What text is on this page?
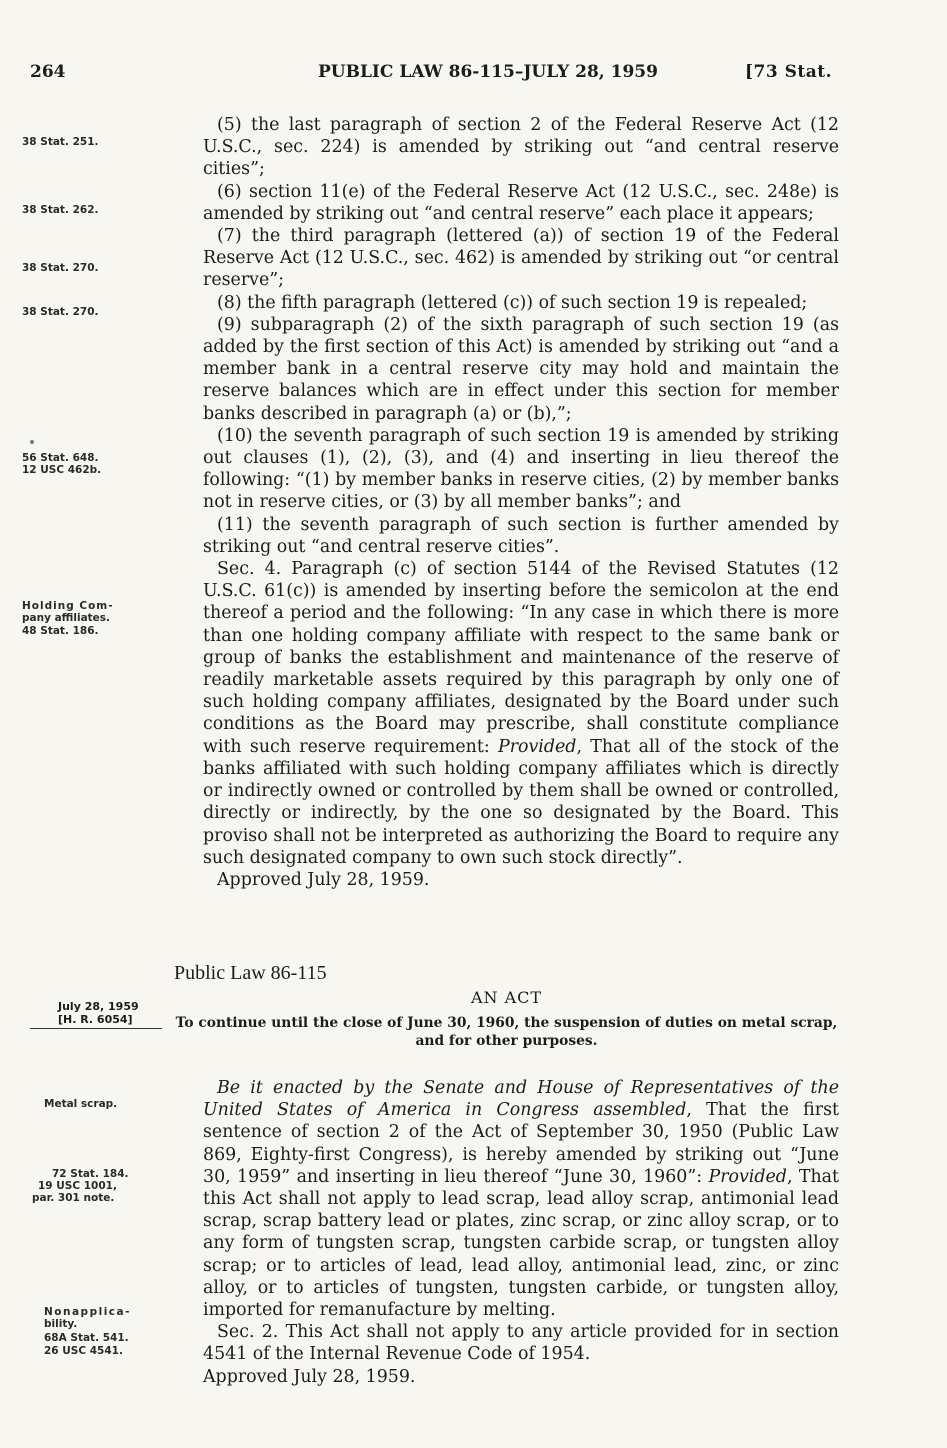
264	PUBLIC LAW 86-115–JULY 28, 1959	[73 Stat.
38 Stat. 251.
38 Stat. 262.
38 Stat. 270.
38 Stat. 270.
56 Stat. 648.
12 USC 462b.
Holding Com-
pany affiliates.
48 Stat. 186.

(5) the last paragraph of section 2 of the Federal Reserve Act (12 U.S.C., sec. 224) is amended by striking out “and central reserve cities”;

(6) section 11(e) of the Federal Reserve Act (12 U.S.C., sec. 248e) is amended by striking out “and central reserve” each place it appears;

(7) the third paragraph (lettered (a)) of section 19 of the Federal Reserve Act (12 U.S.C., sec. 462) is amended by striking out “or central reserve”;

(8) the fifth paragraph (lettered (c)) of such section 19 is repealed;

(9) subparagraph (2) of the sixth paragraph of such section 19 (as added by the first section of this Act) is amended by striking out “and a member bank in a central reserve city may hold and maintain the reserve balances which are in effect under this section for member banks described in paragraph (a) or (b),”;

(10) the seventh paragraph of such section 19 is amended by striking out clauses (1), (2), (3), and (4) and inserting in lieu thereof the following: “(1) by member banks in reserve cities, (2) by member banks not in reserve cities, or (3) by all member banks”; and

(11) the seventh paragraph of such section is further amended by striking out “and central reserve cities”.

Sec. 4. Paragraph (c) of section 5144 of the Revised Statutes (12 U.S.C. 61(c)) is amended by inserting before the semicolon at the end thereof a period and the following: “In any case in which there is more than one holding company affiliate with respect to the same bank or group of banks the establishment and maintenance of the reserve of readily marketable assets required by this paragraph by only one of such holding company affiliates, designated by the Board under such conditions as the Board may prescribe, shall constitute compliance with such reserve requirement: Provided, That all of the stock of the banks affiliated with such holding company affiliates which is directly or indirectly owned or controlled by them shall be owned or controlled, directly or indirectly, by the one so designated by the Board. This proviso shall not be interpreted as authorizing the Board to require any such designated company to own such stock directly”.

Approved July 28, 1959.

Public Law 86-115
AN ACT
To continue until the close of June 30, 1960, the suspension of duties on metal scrap, and for other purposes.
July 28, 1959
[H. R. 6054]
Metal scrap.
72 Stat. 184.
19 USC 1001,
par. 301 note.
Nonapplica-
bility.
68A Stat. 541.
26 USC 4541.

Be it enacted by the Senate and House of Representatives of the United States of America in Congress assembled, That the first sentence of section 2 of the Act of September 30, 1950 (Public Law 869, Eighty-first Congress), is hereby amended by striking out “June 30, 1959” and inserting in lieu thereof “June 30, 1960”: Provided, That this Act shall not apply to lead scrap, lead alloy scrap, antimonial lead scrap, scrap battery lead or plates, zinc scrap, or zinc alloy scrap, or to any form of tungsten scrap, tungsten carbide scrap, or tungsten alloy scrap; or to articles of lead, lead alloy, antimonial lead, zinc, or zinc alloy, or to articles of tungsten, tungsten carbide, or tungsten alloy, imported for remanufacture by melting.

Sec. 2. This Act shall not apply to any article provided for in section 4541 of the Internal Revenue Code of 1954.

Approved July 28, 1959.
